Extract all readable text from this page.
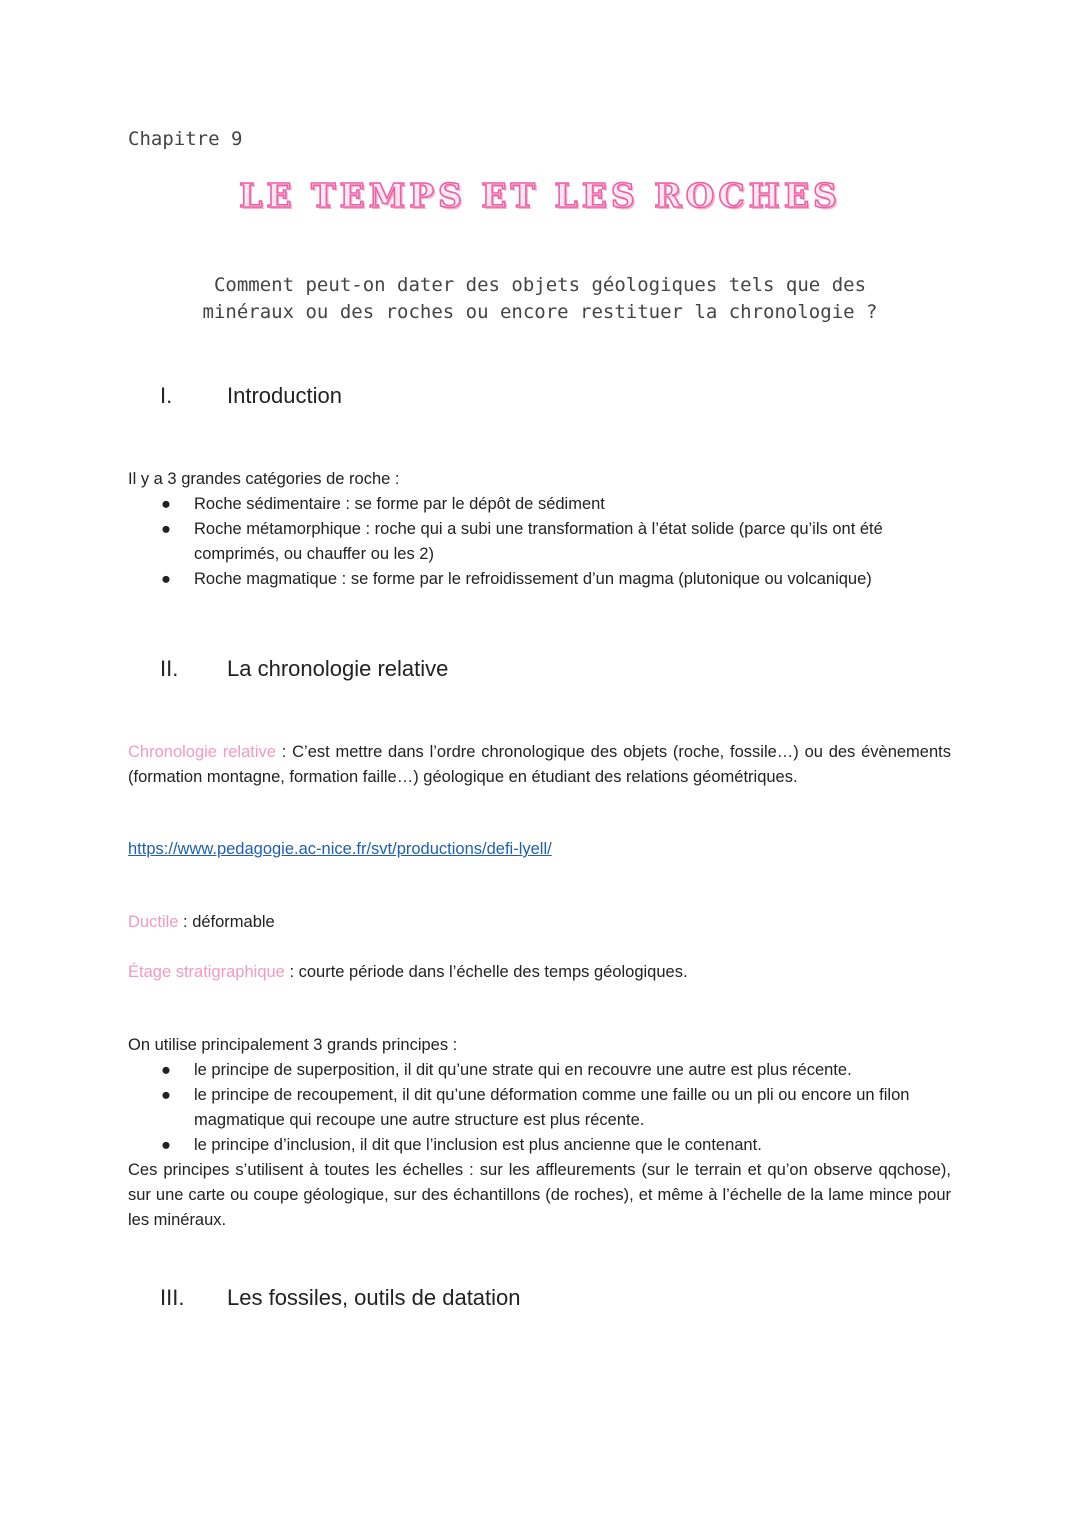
Chapitre 9
LE TEMPS ET LES ROCHES
Comment peut-on dater des objets géologiques tels que des
minéraux ou des roches ou encore restituer la chronologie ?
I. Introduction
Il y a 3 grandes catégories de roche :
● Roche sédimentaire : se forme par le dépôt de sédiment
● Roche métamorphique : roche qui a subi une transformation à l’état solide (parce qu’ils ont été comprimés, ou chauffer ou les 2)
● Roche magmatique : se forme par le refroidissement d’un magma (plutonique ou volcanique)
II. La chronologie relative
Chronologie relative : C’est mettre dans l’ordre chronologique des objets (roche, fossile…) ou des évènements (formation montagne, formation faille…) géologique en étudiant des relations géométriques.
https://www.pedagogie.ac-nice.fr/svt/productions/defi-lyell/
Ductile : déformable
Étage stratigraphique : courte période dans l’échelle des temps géologiques.
On utilise principalement 3 grands principes :
● le principe de superposition, il dit qu’une strate qui en recouvre une autre est plus récente.
● le principe de recoupement, il dit qu’une déformation comme une faille ou un pli ou encore un filon magmatique qui recoupe une autre structure est plus récente.
● le principe d’inclusion, il dit que l’inclusion est plus ancienne que le contenant.
Ces principes s’utilisent à toutes les échelles : sur les affleurements (sur le terrain et qu’on observe qqchose), sur une carte ou coupe géologique, sur des échantillons (de roches), et même à l’échelle de la lame mince pour les minéraux.
III. Les fossiles, outils de datation
